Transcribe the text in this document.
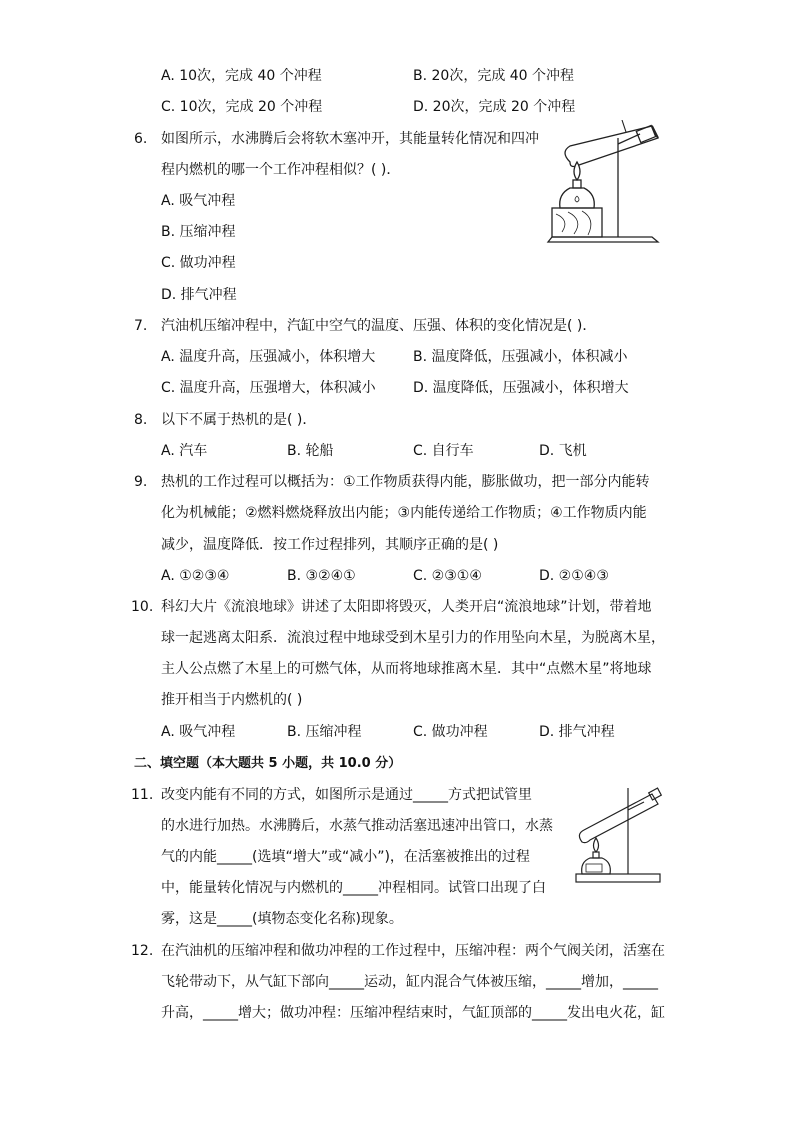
A. 10次，完成 40 个冲程	B. 20次，完成 40 个冲程
C. 10次，完成 20 个冲程	D. 20次，完成 20 个冲程
6. 如图所示，水沸腾后会将软木塞冲开，其能量转化情况和四冲
程内燃机的哪一个工作冲程相似？( )．
A. 吸气冲程
B. 压缩冲程
C. 做功冲程
D. 排气冲程
7. 汽油机压缩冲程中，汽缸中空气的温度、压强、体积的变化情况是( )．
A. 温度升高，压强减小，体积增大	B. 温度降低，压强减小，体积减小
C. 温度升高，压强增大，体积减小	D. 温度降低，压强减小，体积增大
8. 以下不属于热机的是( )．
A. 汽车	B. 轮船	C. 自行车	D. 飞机
9. 热机的工作过程可以概括为：①工作物质获得内能，膨胀做功，把一部分内能转
化为机械能；②燃料燃烧释放出内能；③内能传递给工作物质；④工作物质内能
减少，温度降低．按工作过程排列，其顺序正确的是( )
A. ①②③④	B. ③②④①	C. ②③①④	D. ②①④③
10. 科幻大片《流浪地球》讲述了太阳即将毁灭，人类开启“流浪地球”计划，带着地
球一起逃离太阳系．流浪过程中地球受到木星引力的作用坠向木星，为脱离木星，
主人公点燃了木星上的可燃气体，从而将地球推离木星．其中“点燃木星”将地球
推开相当于内燃机的( )
A. 吸气冲程	B. 压缩冲程	C. 做功冲程	D. 排气冲程
二、填空题（本大题共 5 小题，共 10.0 分）
11. 改变内能有不同的方式，如图所示是通过_____方式把试管里
的水进行加热。水沸腾后，水蒸气推动活塞迅速冲出管口，水蒸
气的内能_____(选填“增大”或“减小”)，在活塞被推出的过程
中，能量转化情况与内燃机的_____冲程相同。试管口出现了白
雾，这是_____(填物态变化名称)现象。
12. 在汽油机的压缩冲程和做功冲程的工作过程中，压缩冲程：两个气阀关闭，活塞在
飞轮带动下，从气缸下部向_____运动，缸内混合气体被压缩，_____增加，_____
升高，_____增大；做功冲程：压缩冲程结束时，气缸顶部的_____发出电火花，缸
